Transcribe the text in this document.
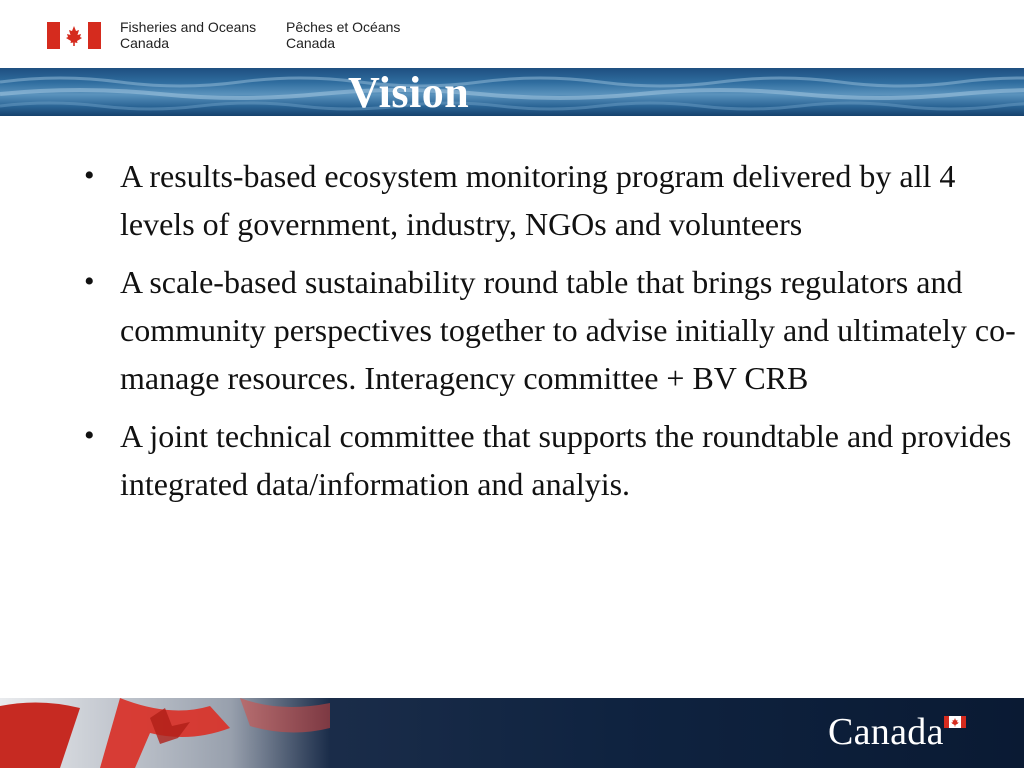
Fisheries and Oceans
Canada
Pêches et Océans
Canada
Vision
• A results-based ecosystem monitoring program delivered by all 4 levels of government, industry, NGOs and volunteers
• A scale-based sustainability round table that brings regulators and community perspectives together to advise initially and ultimately co-manage resources. Interagency committee + BV CRB
• A joint technical committee that supports the roundtable and provides integrated data/information and analyis.
Canada
